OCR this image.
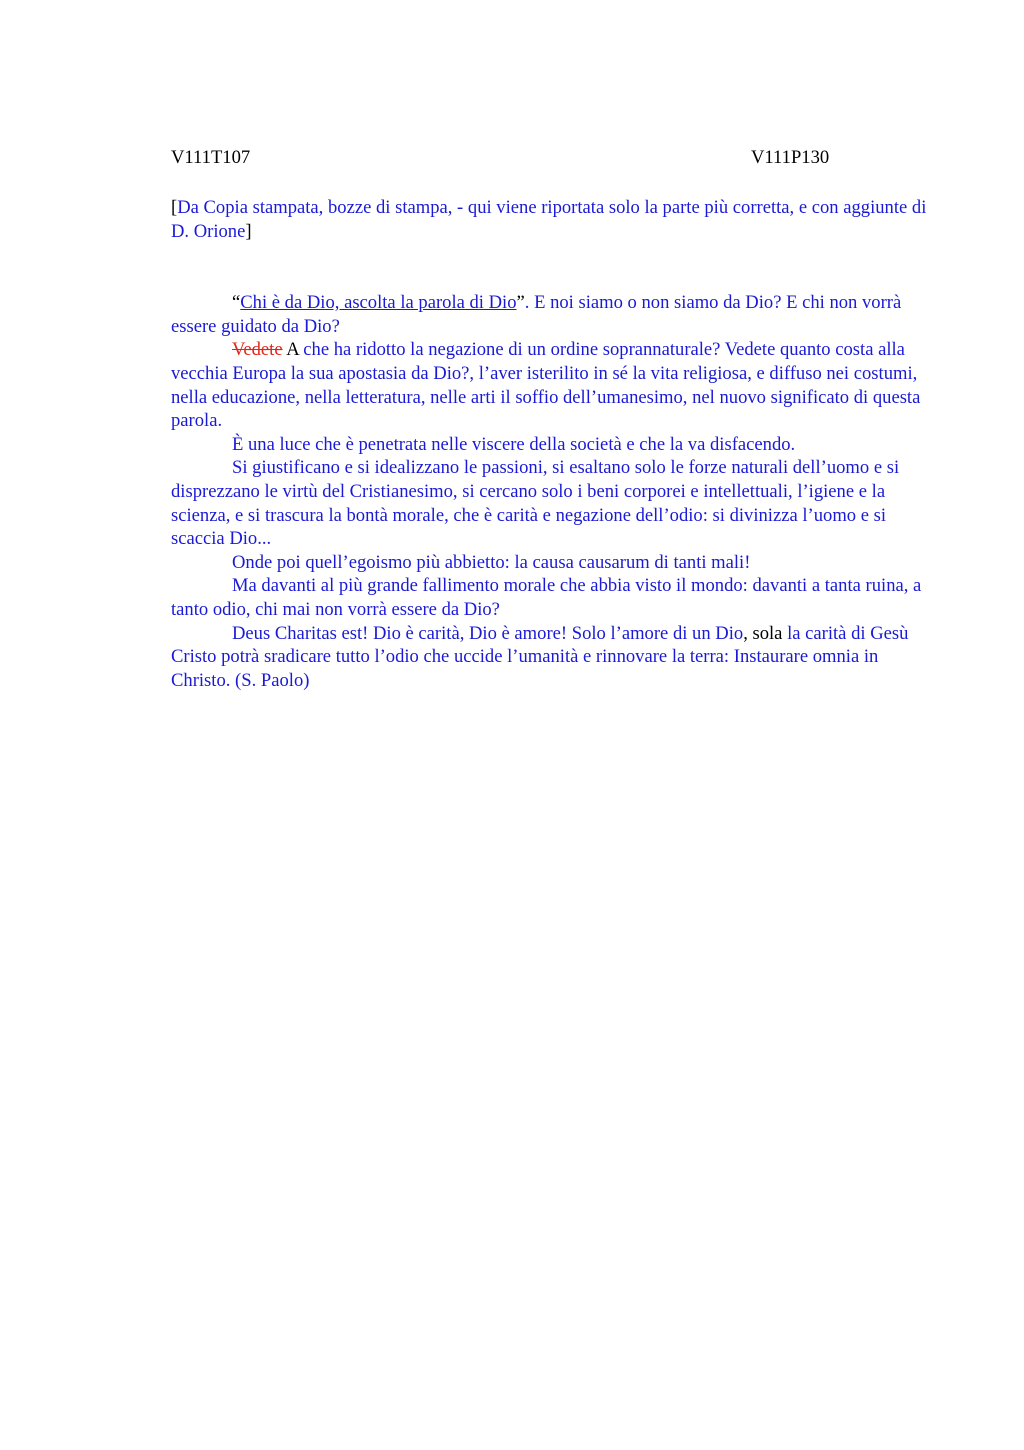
V111T107	V111P130
[Da Copia stampata, bozze di stampa, - qui viene riportata solo la parte più corretta, e con aggiunte di D. Orione]

“Chi è da Dio, ascolta la parola di Dio”. E noi siamo o non siamo da Dio? E chi non vorrà essere guidato da Dio?

Vedete A che ha ridotto la negazione di un ordine soprannaturale? Vedete quanto costa alla vecchia Europa la sua apostasia da Dio?, l’aver isterilito in sé la vita religiosa, e diffuso nei costumi, nella educazione, nella letteratura, nelle arti il soffio dell’umanesimo, nel nuovo significato di questa parola.

È una luce che è penetrata nelle viscere della società e che la va disfacendo.

Si giustificano e si idealizzano le passioni, si esaltano solo le forze naturali dell’uomo e si disprezzano le virtù del Cristianesimo, si cercano solo i beni corporei e intellettuali, l’igiene e la scienza, e si trascura la bontà morale, che è carità e negazione dell’odio: si divinizza l’uomo e si scaccia Dio...

Onde poi quell’egoismo più abbietto: la causa causarum di tanti mali!

Ma davanti al più grande fallimento morale che abbia visto il mondo: davanti a tanta ruina, a tanto odio, chi mai non vorrà essere da Dio?

Deus Charitas est! Dio è carità, Dio è amore! Solo l’amore di un Dio, sola la carità di Gesù Cristo potrà sradicare tutto l’odio che uccide l’umanità e rinnovare la terra: Instaurare omnia in Christo. (S. Paolo)
